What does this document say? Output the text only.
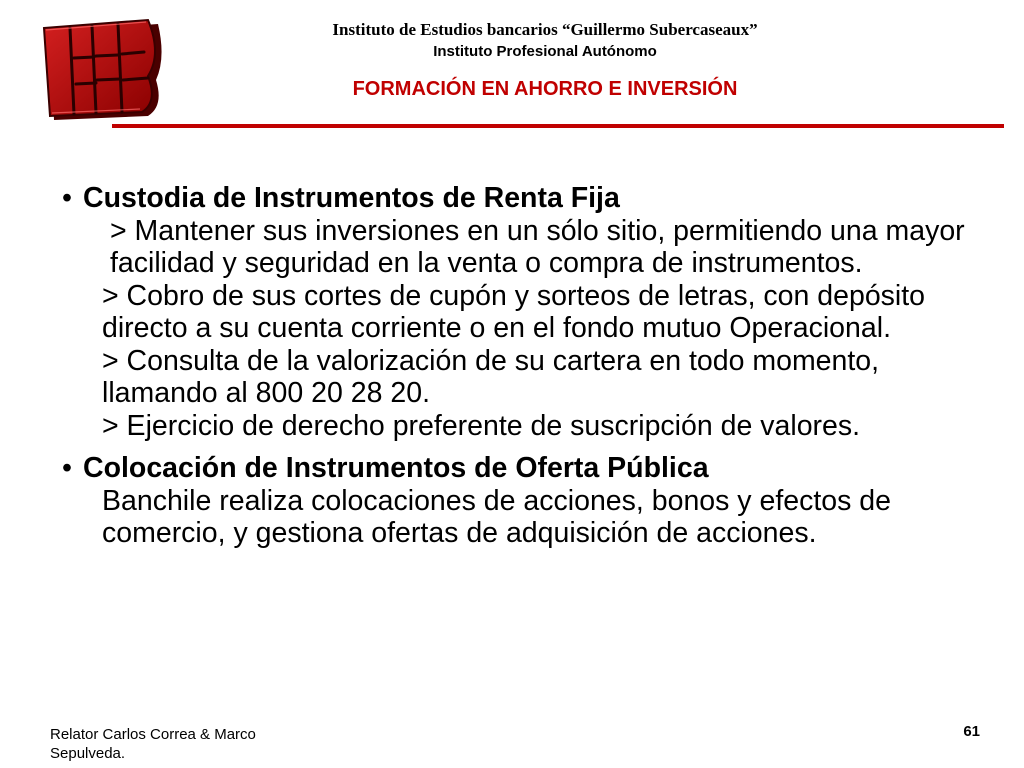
Instituto de Estudios bancarios “Guillermo Subercaseaux”
Instituto Profesional Autónomo
FORMACIÓN EN AHORRO E INVERSIÓN
• Custodia de Instrumentos de Renta Fija
> Mantener sus inversiones en un sólo sitio, permitiendo una mayor facilidad y seguridad en la venta o compra de instrumentos.
> Cobro de sus cortes de cupón y sorteos de letras, con depósito directo a su cuenta corriente o en el fondo mutuo Operacional.
> Consulta de la valorización de su cartera en todo momento, llamando al 800 20 28 20.
> Ejercicio de derecho preferente de suscripción de valores.
• Colocación de Instrumentos de Oferta Pública
Banchile realiza colocaciones de acciones, bonos y efectos de comercio, y gestiona ofertas de adquisición de acciones.
Relator Carlos Correa & Marco Sepulveda.
61
